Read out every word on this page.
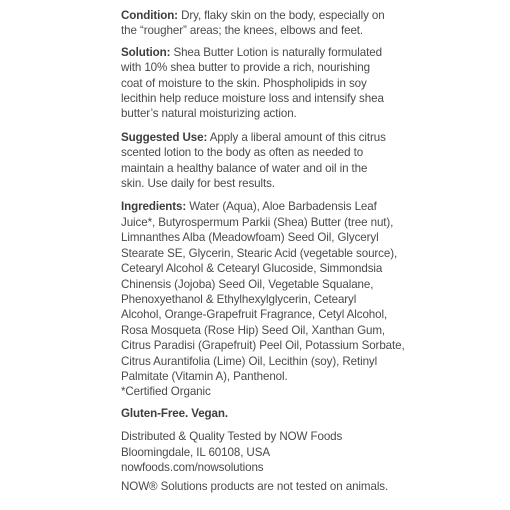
Condition: Dry, flaky skin on the body, especially on
the “rougher” areas; the knees, elbows and feet.
Solution: Shea Butter Lotion is naturally formulated
with 10% shea butter to provide a rich, nourishing
coat of moisture to the skin. Phospholipids in soy
lecithin help reduce moisture loss and intensify shea
butter’s natural moisturizing action.
Suggested Use: Apply a liberal amount of this citrus
scented lotion to the body as often as needed to
maintain a healthy balance of water and oil in the
skin. Use daily for best results.
Ingredients: Water (Aqua), Aloe Barbadensis Leaf
Juice*, Butyrospermum Parkii (Shea) Butter (tree nut),
Limnanthes Alba (Meadowfoam) Seed Oil, Glyceryl
Stearate SE, Glycerin, Stearic Acid (vegetable source),
Cetearyl Alcohol & Cetearyl Glucoside, Simmondsia
Chinensis (Jojoba) Seed Oil, Vegetable Squalane,
Phenoxyethanol & Ethylhexylglycerin, Cetearyl
Alcohol, Orange-Grapefruit Fragrance, Cetyl Alcohol,
Rosa Mosqueta (Rose Hip) Seed Oil, Xanthan Gum,
Citrus Paradisi (Grapefruit) Peel Oil, Potassium Sorbate,
Citrus Aurantifolia (Lime) Oil, Lecithin (soy), Retinyl
Palmitate (Vitamin A), Panthenol.
*Certified Organic
Gluten-Free. Vegan.
Distributed & Quality Tested by NOW Foods
Bloomingdale, IL 60108, USA
nowfoods.com/nowsolutions
NOW® Solutions products are not tested on animals.
